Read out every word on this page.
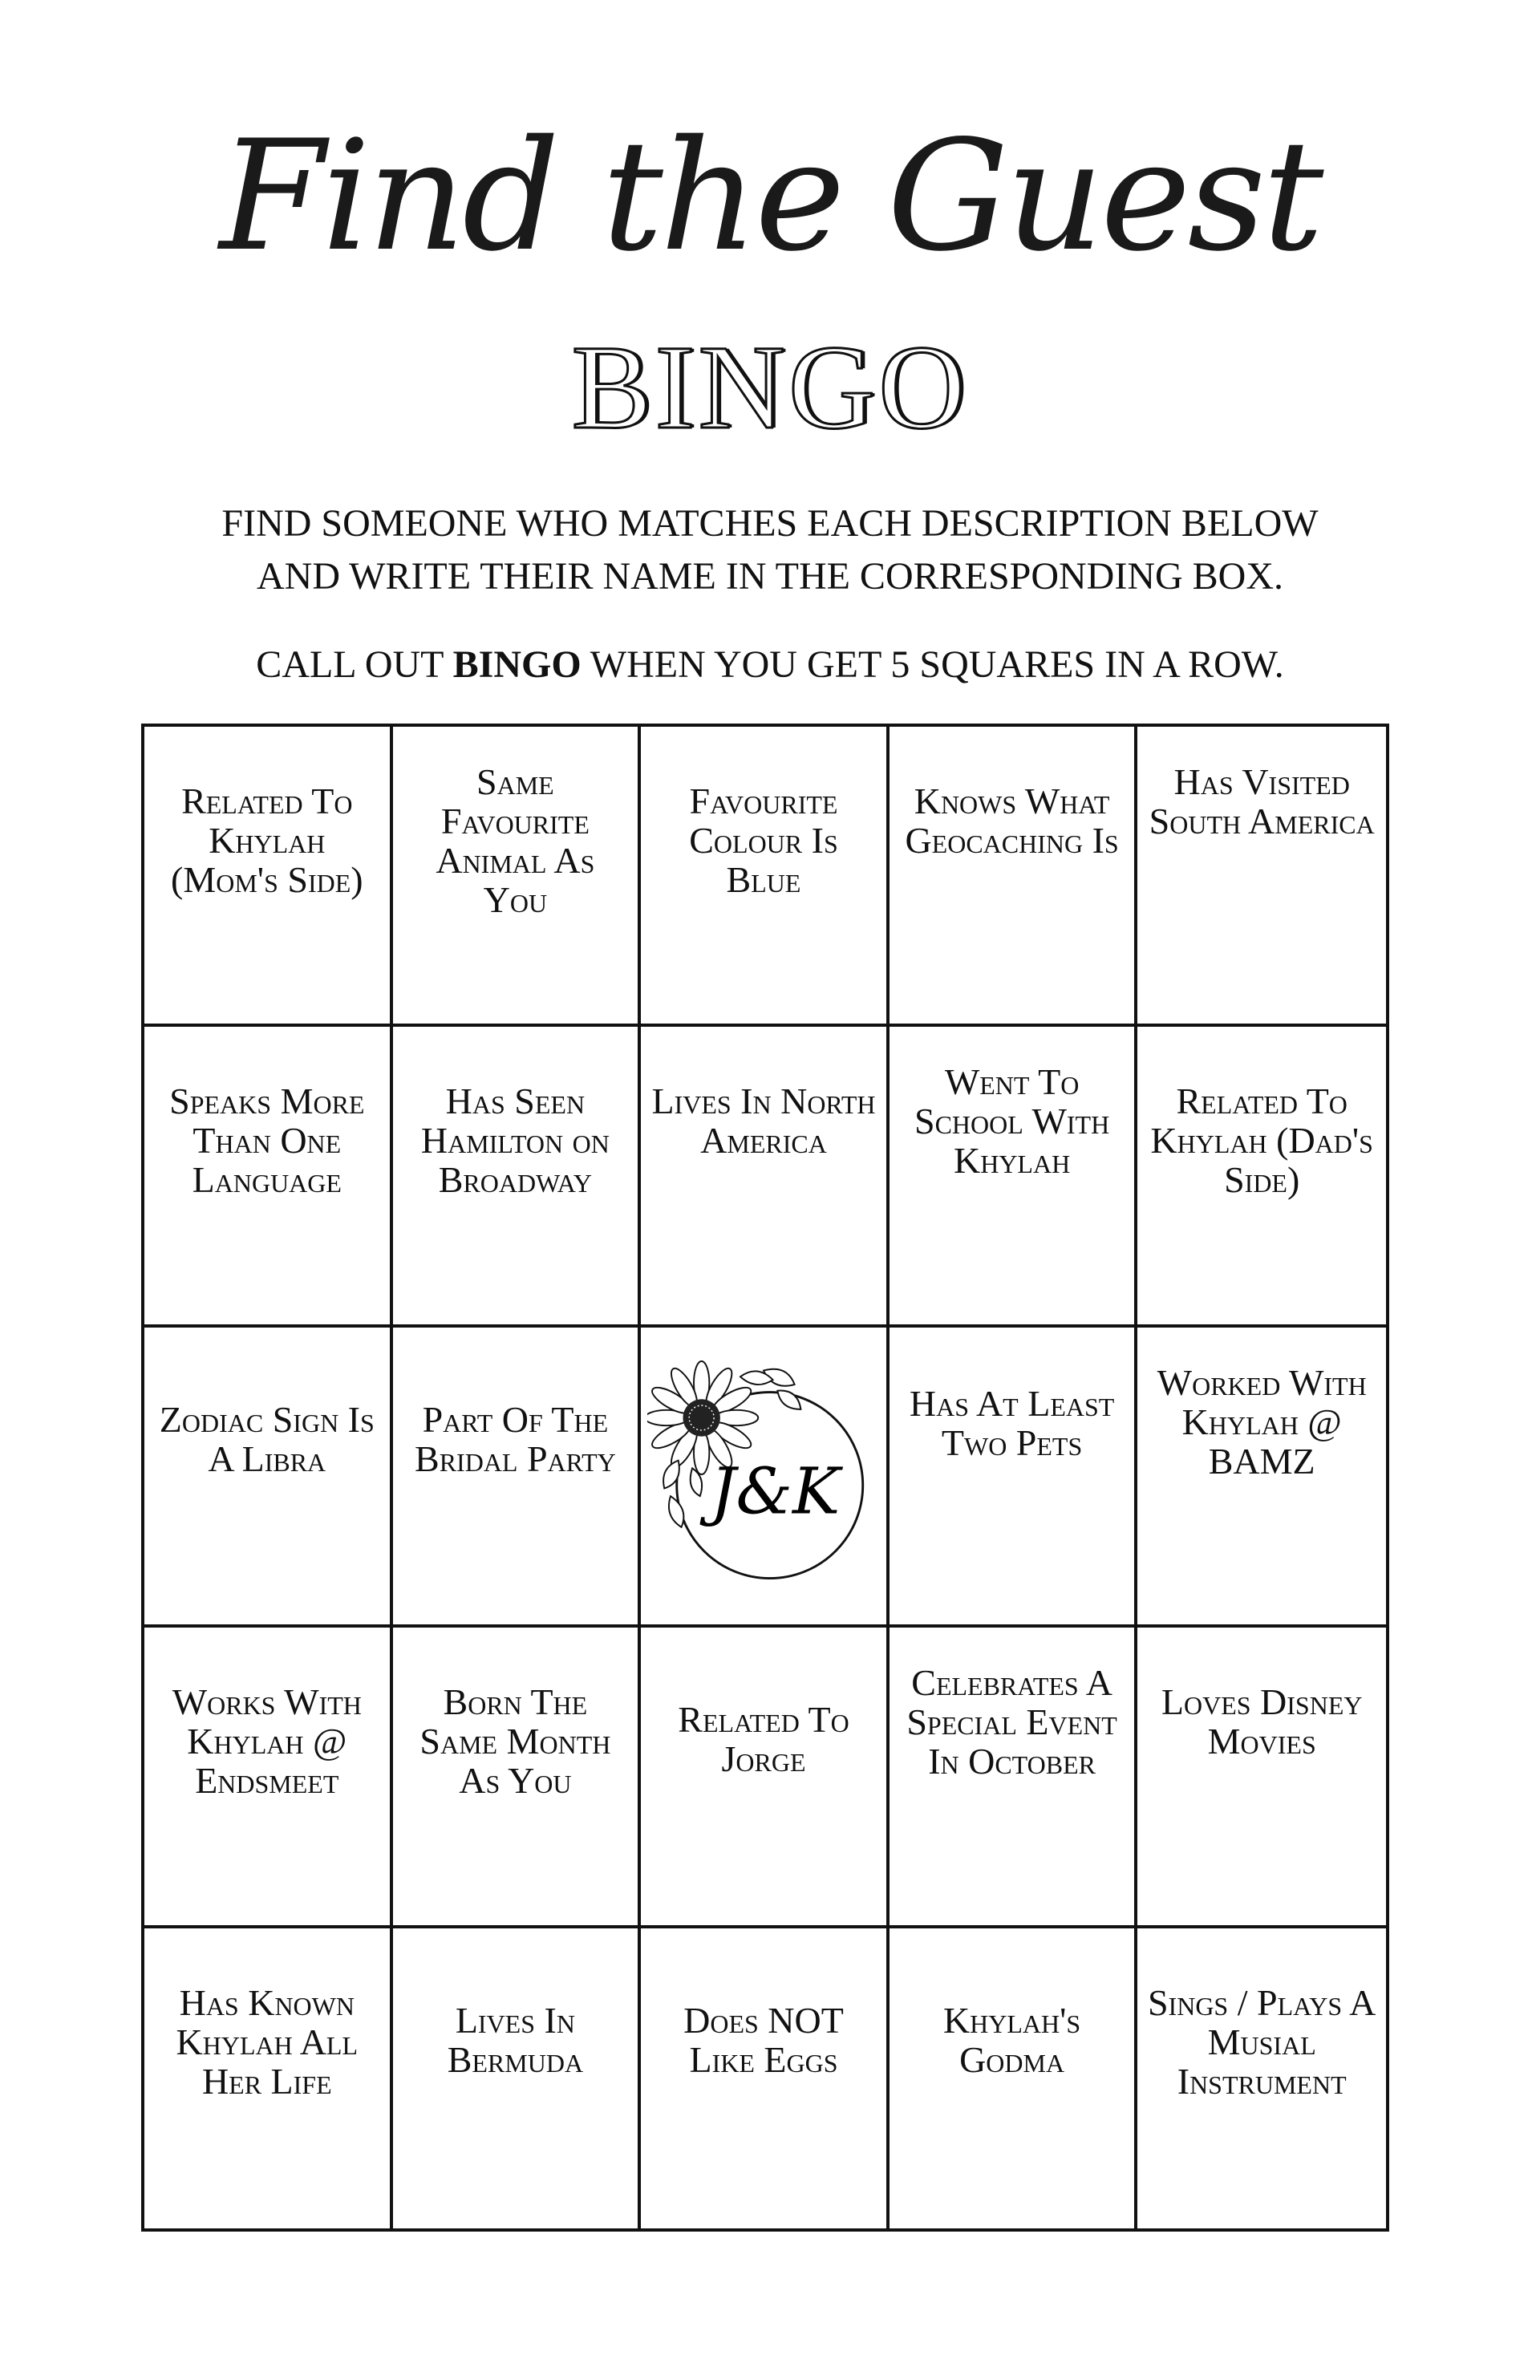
Find the Guest
BINGO

FIND SOMEONE WHO MATCHES EACH DESCRIPTION BELOW

AND WRITE THEIR NAME IN THE CORRESPONDING BOX.

CALL OUT BINGO WHEN YOU GET 5 SQUARES IN A ROW.
Related To Khylah (Mom's Side)
Same Favourite Animal As You
Favourite Colour Is Blue
Knows What Geocaching Is
Has Visited South America
Speaks More Than One Language
Has Seen Hamilton on Broadway
Lives In North America
Went To School With Khylah
Related To Khylah (Dad's Side)
Zodiac Sign Is A Libra
Part Of The Bridal Party J&K
Has At Least Two Pets
Worked With Khylah @ BAMZ
Works With Khylah @ Endsmeet
Born The Same Month As You
Related To Jorge
Celebrates A Special Event In October
Loves Disney Movies
Has Known Khylah All Her Life
Lives In Bermuda
Does NOT Like Eggs
Khylah's Godma
Sings / Plays A Musial Instrument
